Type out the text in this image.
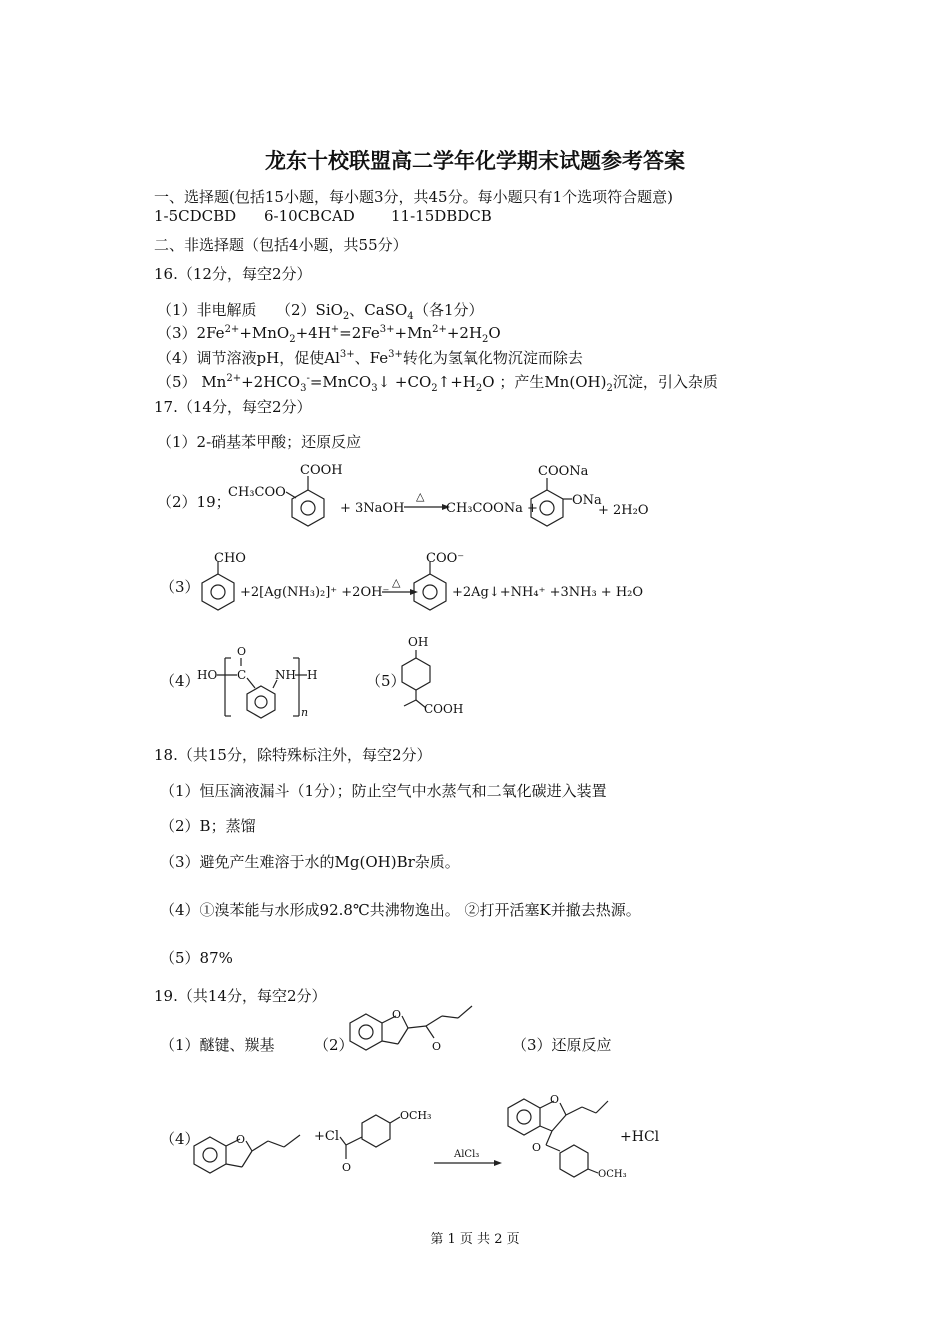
龙东十校联盟高二学年化学期末试题参考答案
一、选择题(包括15小题，每小题3分，共45分。每小题只有1个选项符合题意)
1-5CDCBD 6-10CBCAD 11-15DBDCB
二、非选择题（包括4小题，共55分）
16.（12分，每空2分）
（1）非电解质 （2）SiO$_2$、CaSO$_4$ （各1分）
$(3)2Fe^{2+}+MnO_2+4H^+=2Fe^{3+}+Mn^{2+}+2H_2O$
（4）调节溶液pH，促使$Al^{3+}$、$Fe^{3+}$转化为氢氧化物沉淀而除去
（5） $Mn^{2+}+2HCO_3^-=MnCO_3↓$ $+CO_2↑+H_2O$ ；产生$Mn(OH)_2$沉淀，引入杂质
17.（14分，每空2分）
（1）2-硝基苯甲酸；还原反应
（2）19；
CH₃COO
COOH
+ 3NaOH
△
CH₃COONa +
COONa
ONa
+ 2H₂O
（3）
CHO
+2[Ag(NH₃)₂]⁺ +2OH⁻
△
COO⁻
+2Ag↓+NH₄⁺ +3NH₃ + H₂O
（4）
HO C
O
NH H
n
（5）
OH
COOH
18.（共15分，除特殊标注外，每空2分）
（1）恒压滴液漏斗（1分）；防止空气中水蒸气和二氧化碳进入装置
（2）B；蒸馏
（3）避免产生难溶于水的Mg(OH)Br杂质。
（4）①溴苯能与水形成92.8℃共沸物逸出。 ②打开活塞K并撤去热源。
（5）87%
19.（共14分，每空2分）
（1）醚键、羰基	（2）	（3）还原反应
O
O
（4）	O	+Cl
O
OCH₃
AlCl₃
O
O
OCH₃
+HCl
第 1 页 共 2 页
